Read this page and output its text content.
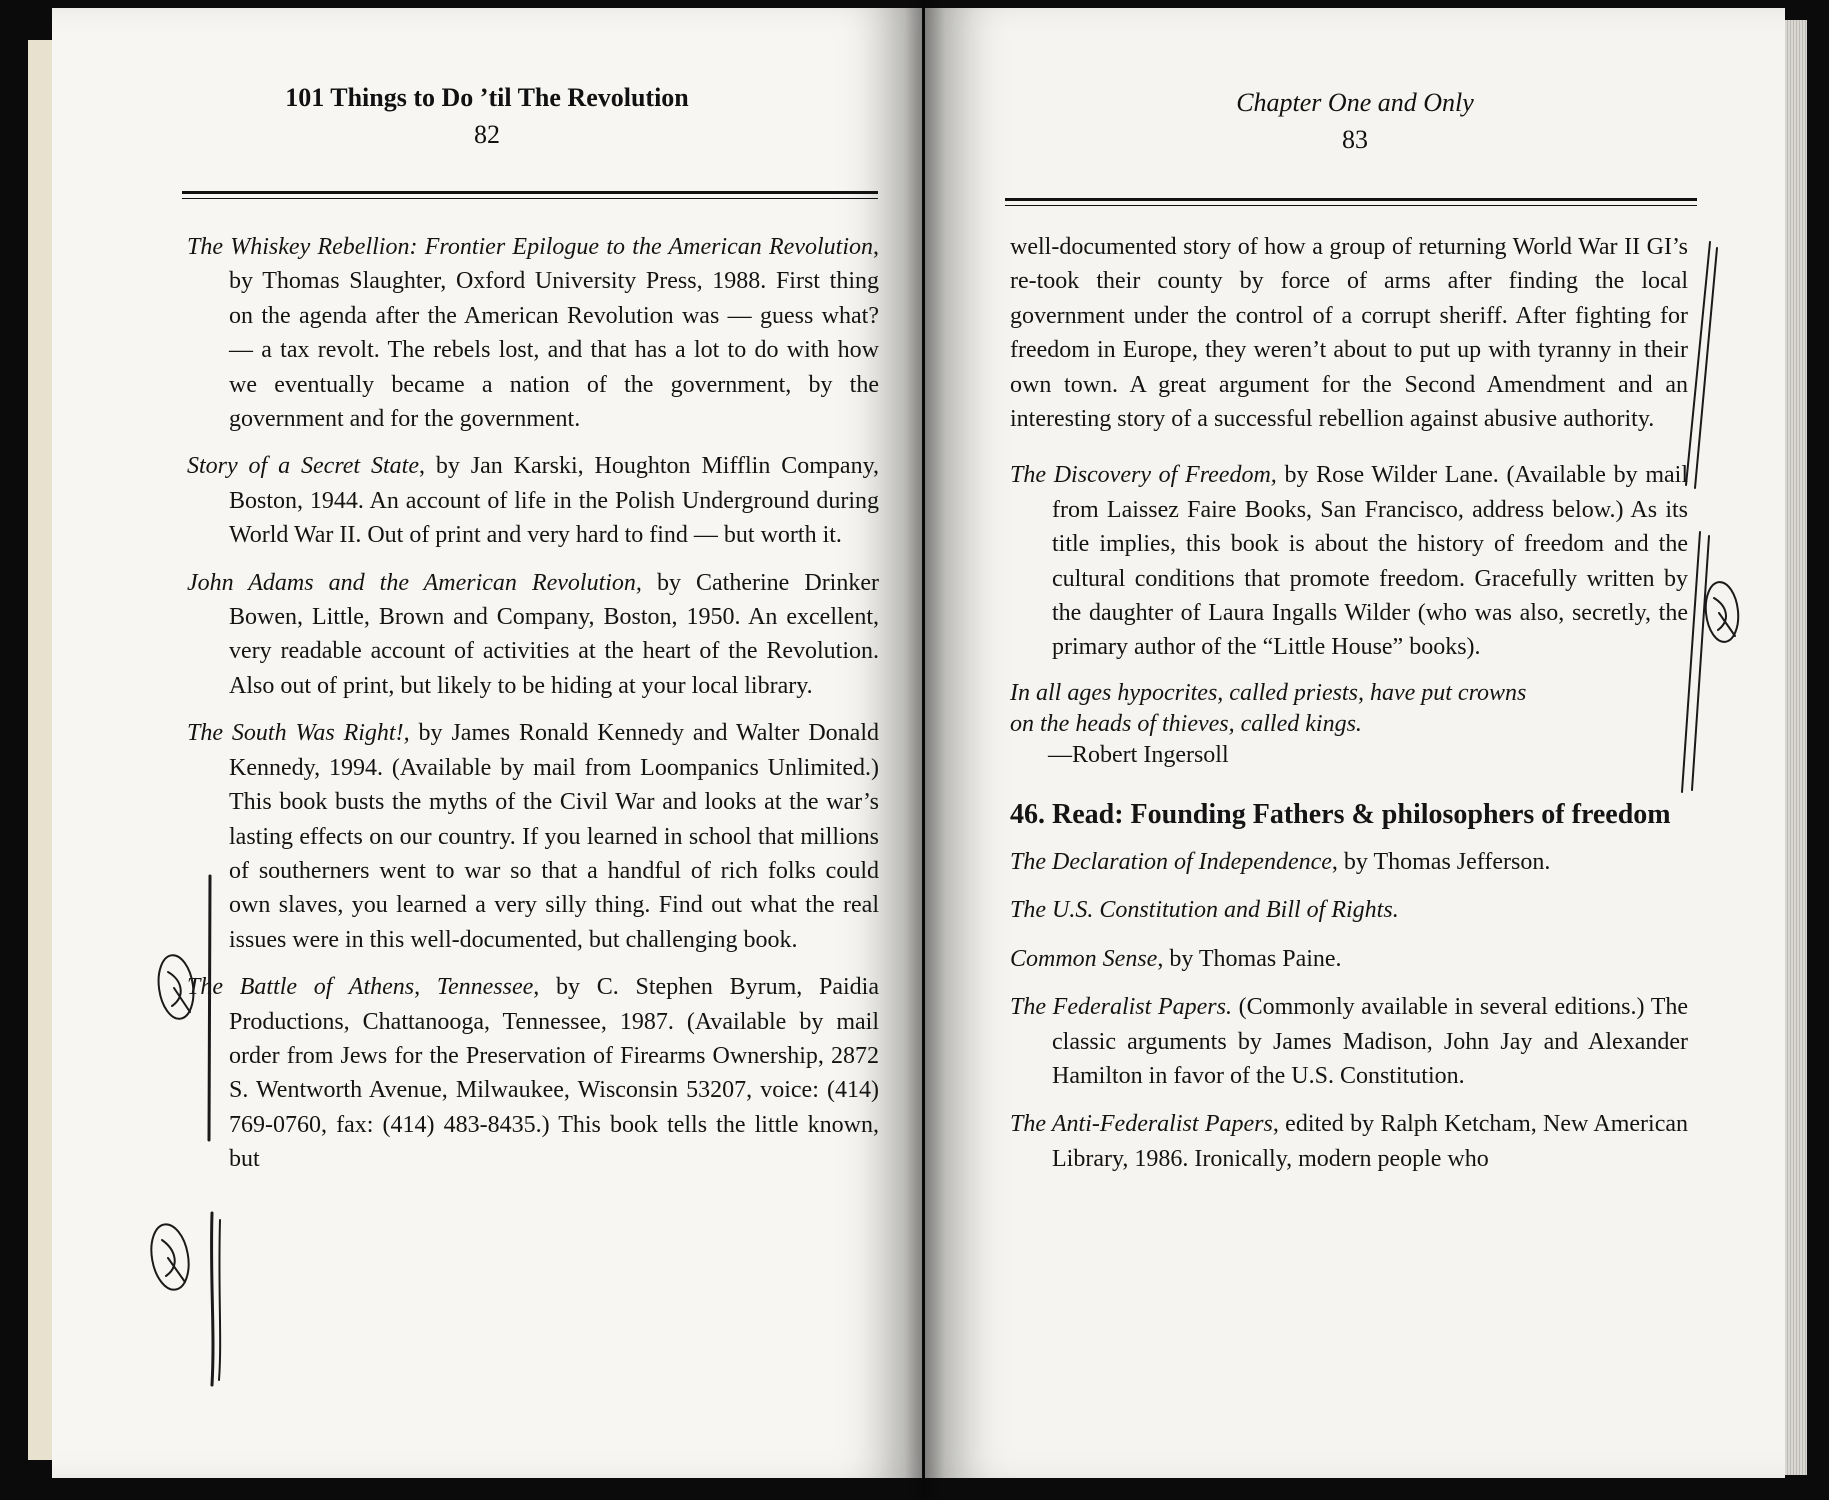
101 Things to Do ’til The Revolution
82

The Whiskey Rebellion: Frontier Epilogue to the American Revolution, by Thomas Slaughter, Oxford University Press, 1988. First thing on the agenda after the American Revolution was — guess what? — a tax revolt. The rebels lost, and that has a lot to do with how we eventually became a nation of the government, by the government and for the government.

Story of a Secret State, by Jan Karski, Houghton Mifflin Company, Boston, 1944. An account of life in the Polish Underground during World War II. Out of print and very hard to find — but worth it.

John Adams and the American Revolution, by Catherine Drinker Bowen, Little, Brown and Company, Boston, 1950. An excellent, very readable account of activities at the heart of the Revolution. Also out of print, but likely to be hiding at your local library.

The South Was Right!, by James Ronald Kennedy and Walter Donald Kennedy, 1994. (Available by mail from Loompanics Unlimited.) This book busts the myths of the Civil War and looks at the war’s lasting effects on our country. If you learned in school that millions of southerners went to war so that a handful of rich folks could own slaves, you learned a very silly thing. Find out what the real issues were in this well-documented, but challenging book.

The Battle of Athens, Tennessee, by C. Stephen Byrum, Paidia Productions, Chattanooga, Tennessee, 1987. (Available by mail order from Jews for the Preservation of Firearms Ownership, 2872 S. Wentworth Avenue, Milwaukee, Wisconsin 53207, voice: (414) 769-0760, fax: (414) 483-8435.) This book tells the little known, but

Chapter One and Only
83

well-documented story of how a group of returning World War II GI’s re-took their county by force of arms after finding the local government under the control of a corrupt sheriff. After fighting for freedom in Europe, they weren’t about to put up with tyranny in their own town. A great argument for the Second Amendment and an interesting story of a successful rebellion against abusive authority.

The Discovery of Freedom, by Rose Wilder Lane. (Available by mail from Laissez Faire Books, San Francisco, address below.) As its title implies, this book is about the history of freedom and the cultural conditions that promote freedom. Gracefully written by the daughter of Laura Ingalls Wilder (who was also, secretly, the primary author of the “Little House” books).

In all ages hypocrites, called priests, have put crowns
on the heads of thieves, called kings.
—Robert Ingersoll
46. Read: Founding Fathers & philosophers of freedom

The Declaration of Independence, by Thomas Jefferson.

The U.S. Constitution and Bill of Rights.

Common Sense, by Thomas Paine.

The Federalist Papers. (Commonly available in several editions.) The classic arguments by James Madison, John Jay and Alexander Hamilton in favor of the U.S. Constitution.

The Anti-Federalist Papers, edited by Ralph Ketcham, New American Library, 1986. Ironically, modern people who
